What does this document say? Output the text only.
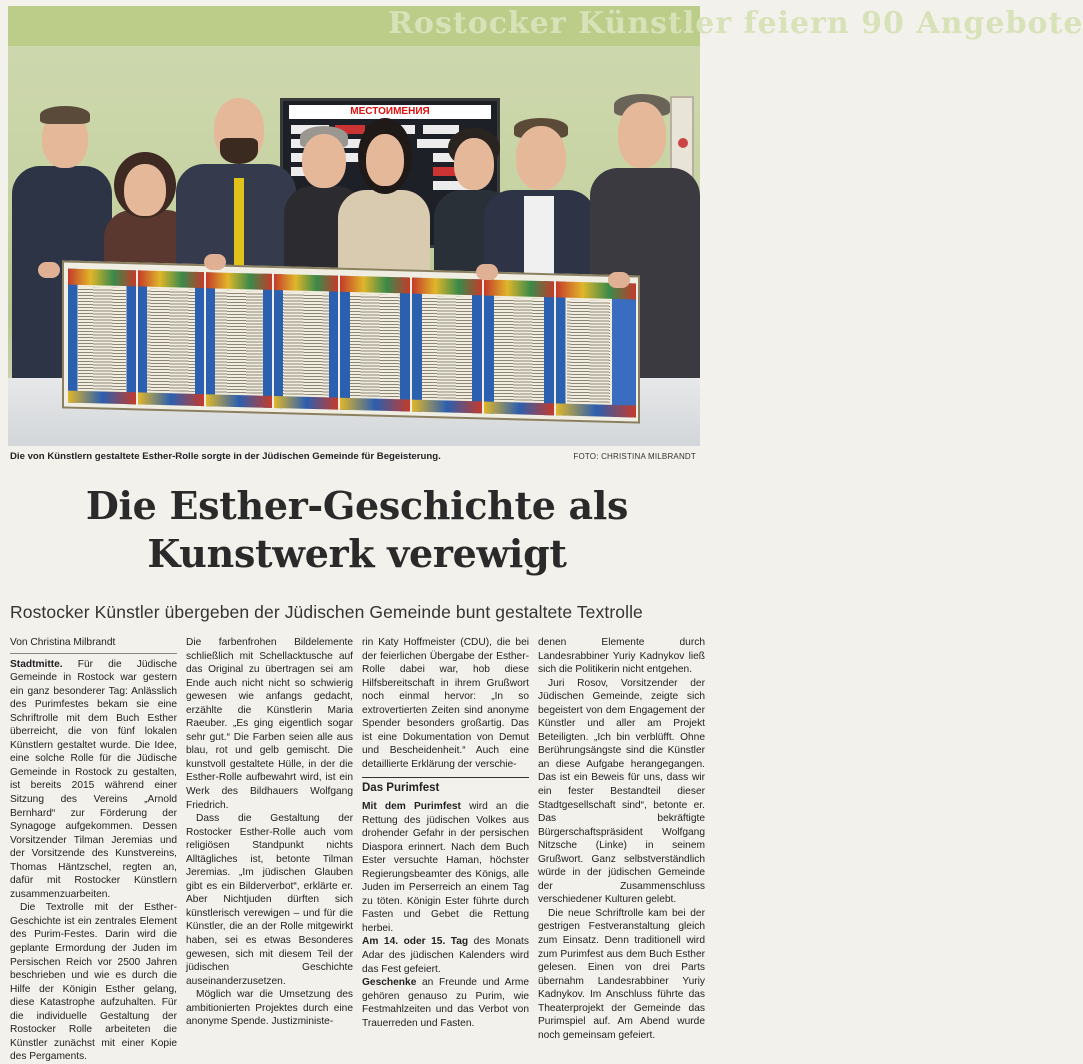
Rostocker Künstler feiern 90 Angebote
МЕСТОИМЕНИЯ
Die von Künstlern gestaltete Esther-Rolle sorgte in der Jüdischen Gemeinde für Begeisterung.	FOTO: CHRISTINA MILBRANDT
Die Esther-Geschichte als
Kunstwerk verewigt
Rostocker Künstler übergeben der Jüdischen Gemeinde bunt gestaltete Textrolle
Von Christina Milbrandt

Stadtmitte. Für die Jüdische Gemeinde in Rostock war gestern ein ganz besonderer Tag: Anlässlich des Purimfestes bekam sie eine Schriftrolle mit dem Buch Esther überreicht, die von fünf lokalen Künstlern gestaltet wurde. Die Idee, eine solche Rolle für die Jüdische Gemeinde in Rostock zu gestalten, ist bereits 2015 während einer Sitzung des Vereins „Arnold Bernhard“ zur Förderung der Synagoge aufgekommen. Dessen Vorsitzender Tilman Jeremias und der Vorsitzende des Kunstvereins, Thomas Häntzschel, regten an, dafür mit Rostocker Künstlern zusammenzuarbeiten.

Die Textrolle mit der Esther-Geschichte ist ein zentrales Element des Purim-Festes. Darin wird die geplante Ermordung der Juden im Persischen Reich vor 2500 Jahren beschrieben und wie es durch die Hilfe der Königin Esther gelang, diese Katastrophe aufzuhalten. Für die individuelle Gestaltung der Rostocker Rolle arbeiteten die Künstler zunächst mit einer Kopie des Pergaments.

Die farbenfrohen Bildelemente schließlich mit Schellacktusche auf das Original zu übertragen sei am Ende auch nicht nicht so schwierig gewesen wie anfangs gedacht, erzählte die Künstlerin Maria Raeuber. „Es ging eigentlich sogar sehr gut.“ Die Farben seien alle aus blau, rot und gelb gemischt. Die kunstvoll gestaltete Hülle, in der die Esther-Rolle aufbewahrt wird, ist ein Werk des Bildhauers Wolfgang Friedrich.

Dass die Gestaltung der Rostocker Esther-Rolle auch vom religiösen Standpunkt nichts Alltägliches ist, betonte Tilman Jeremias. „Im jüdischen Glauben gibt es ein Bilderverbot“, erklärte er. Aber Nichtjuden dürften sich künstlerisch verewigen – und für die Künstler, die an der Rolle mitgewirkt haben, sei es etwas Besonderes gewesen, sich mit diesem Teil der jüdischen Geschichte auseinanderzusetzen.

Möglich war die Umsetzung des ambitionierten Projektes durch eine anonyme Spende. Justizministe-

rin Katy Hoffmeister (CDU), die bei der feierlichen Übergabe der Esther-Rolle dabei war, hob diese Hilfsbereitschaft in ihrem Grußwort noch einmal hervor: „In so extrovertierten Zeiten sind anonyme Spender besonders großartig. Das ist eine Dokumentation von Demut und Bescheidenheit.“ Auch eine detaillierte Erklärung der verschie-

Das Purimfest

Mit dem Purimfest wird an die Rettung des jüdischen Volkes aus drohender Gefahr in der persischen Diaspora erinnert. Nach dem Buch Ester versuchte Haman, höchster Regierungsbeamter des Königs, alle Juden im Perserreich an einem Tag zu töten. Königin Ester führte durch Fasten und Gebet die Rettung herbei.

Am 14. oder 15. Tag des Monats Adar des jüdischen Kalenders wird das Fest gefeiert.

Geschenke an Freunde und Arme gehören genauso zu Purim, wie Festmahlzeiten und das Verbot von Trauerreden und Fasten.

denen Elemente durch Landesrabbiner Yuriy Kadnykov ließ sich die Politikerin nicht entgehen.

Juri Rosov, Vorsitzender der Jüdischen Gemeinde, zeigte sich begeistert von dem Engagement der Künstler und aller am Projekt Beteiligten. „Ich bin verblüfft. Ohne Berührungsängste sind die Künstler an diese Aufgabe herangegangen. Das ist ein Beweis für uns, dass wir ein fester Bestandteil dieser Stadtgesellschaft sind“, betonte er. Das bekräftigte Bürgerschaftspräsident Wolfgang Nitzsche (Linke) in seinem Grußwort. Ganz selbstverständlich würde in der jüdischen Gemeinde der Zusammenschluss verschiedener Kulturen gelebt.

Die neue Schriftrolle kam bei der gestrigen Festveranstaltung gleich zum Einsatz. Denn traditionell wird zum Purimfest aus dem Buch Esther gelesen. Einen von drei Parts übernahm Landesrabbiner Yuriy Kadnykov. Im Anschluss führte das Theaterprojekt der Gemeinde das Purimspiel auf. Am Abend wurde noch gemeinsam gefeiert.
